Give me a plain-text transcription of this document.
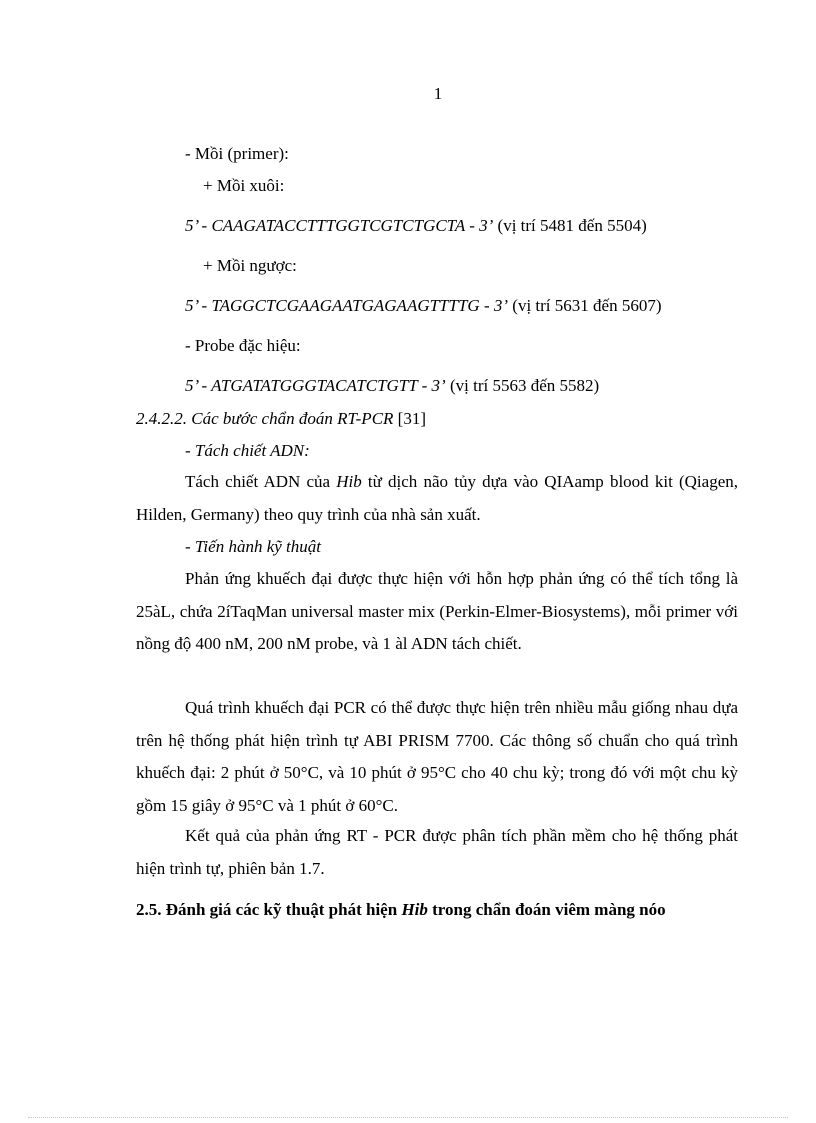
1
- Mồi (primer):
+ Mồi xuôi:
5’ - CAAGATACCTTTGGTCGTCTGCTA - 3’ (vị trí 5481 đến 5504)
+ Mồi ngược:
5’ - TAGGCTCGAAGAATGAGAAGTTTTG - 3’ (vị trí 5631 đến 5607)
- Probe đặc hiệu:
5’ - ATGATATGGGTACATCTGTT - 3’ (vị trí 5563 đến 5582)
2.4.2.2. Các bước chẩn đoán RT-PCR [31]
- Tách chiết ADN:
Tách chiết ADN của Hib từ dịch não tủy dựa vào QIAamp blood kit (Qiagen, Hilden, Germany) theo quy trình của nhà sản xuất.
- Tiến hành kỹ thuật
Phản ứng khuếch đại được thực hiện với hỗn hợp phản ứng có thể tích tổng là 25àL, chứa 2íTaqMan universal master mix (Perkin-Elmer-Biosystems), mỗi primer với nồng độ 400 nM, 200 nM probe, và 1 àl ADN tách chiết.
Quá trình khuếch đại PCR có thể được thực hiện trên nhiều mẫu giống nhau dựa trên hệ thống phát hiện trình tự ABI PRISM 7700. Các thông số chuẩn cho quá trình khuếch đại: 2 phút ở 50°C, và 10 phút ở 95°C cho 40 chu kỳ; trong đó với một chu kỳ gồm 15 giây ở 95°C và 1 phút ở 60°C.
Kết quả của phản ứng RT - PCR được phân tích phần mềm cho hệ thống phát hiện trình tự, phiên bản 1.7.
2.5. Đánh giá các kỹ thuật phát hiện Hib trong chẩn đoán viêm màng nóo
